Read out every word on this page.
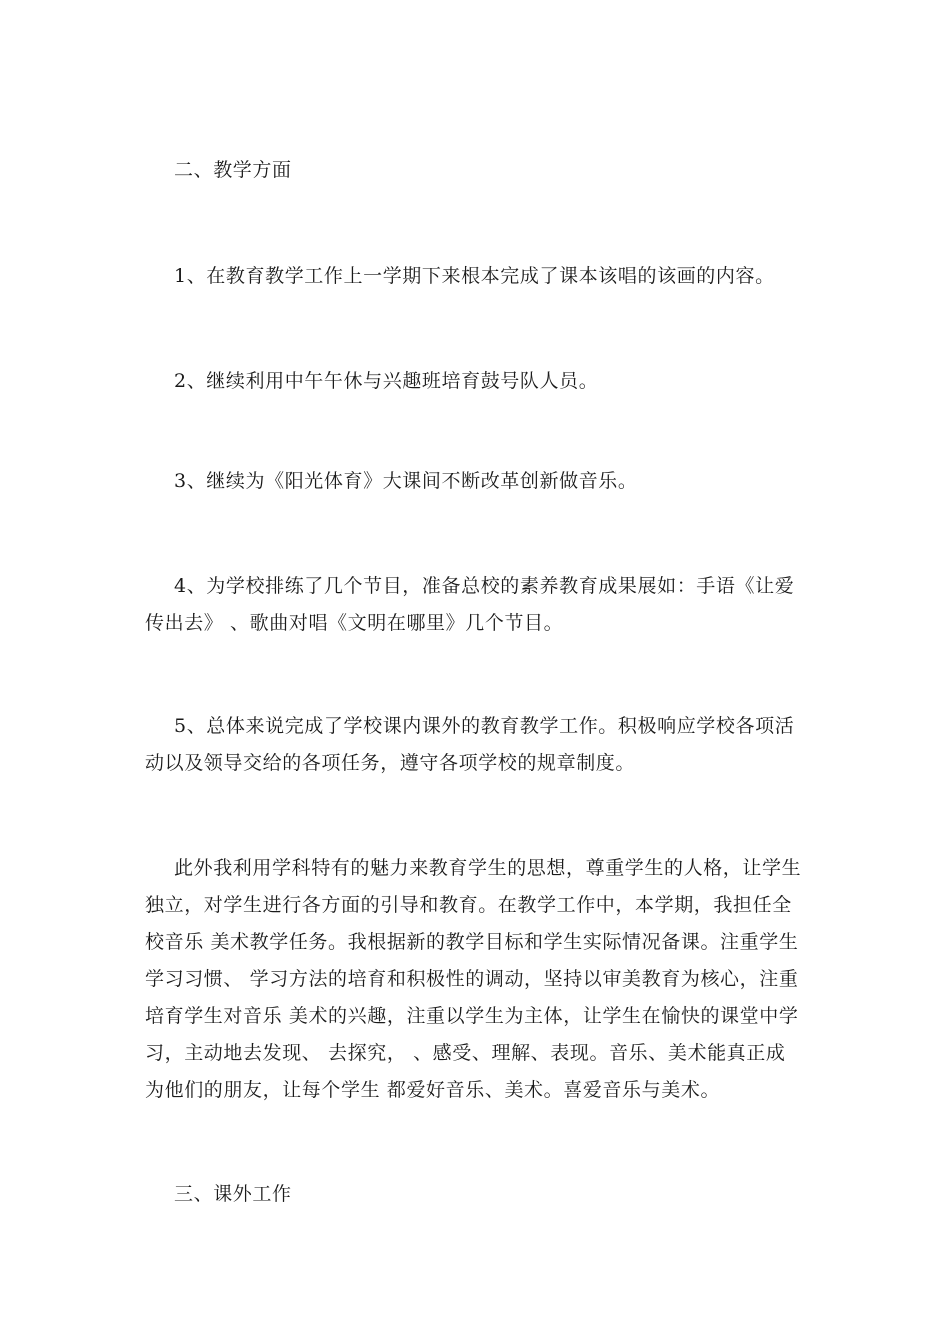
二、教学方面

1、在教育教学工作上一学期下来根本完成了课本该唱的该画的内容。

2、继续利用中午午休与兴趣班培育鼓号队人员。

3、继续为《阳光体育》大课间不断改革创新做音乐。

4、为学校排练了几个节目，准备总校的素养教育成果展如：手语《让爱传出去》 、歌曲对唱《文明在哪里》几个节目。

5、总体来说完成了学校课内课外的教育教学工作。积极响应学校各项活动以及领导交给的各项任务，遵守各项学校的规章制度。

此外我利用学科特有的魅力来教育学生的思想，尊重学生的人格，让学生独立，对学生进行各方面的引导和教育。在教学工作中，本学期，我担任全校音乐 美术教学任务。我根据新的教学目标和学生实际情况备课。注重学生学习习惯、 学习方法的培育和积极性的调动，坚持以审美教育为核心，注重培育学生对音乐 美术的兴趣，注重以学生为主体，让学生在愉快的课堂中学习，主动地去发现、 去探究， 、感受、理解、表现。音乐、美术能真正成为他们的朋友，让每个学生 都爱好音乐、美术。喜爱音乐与美术。

三、课外工作
